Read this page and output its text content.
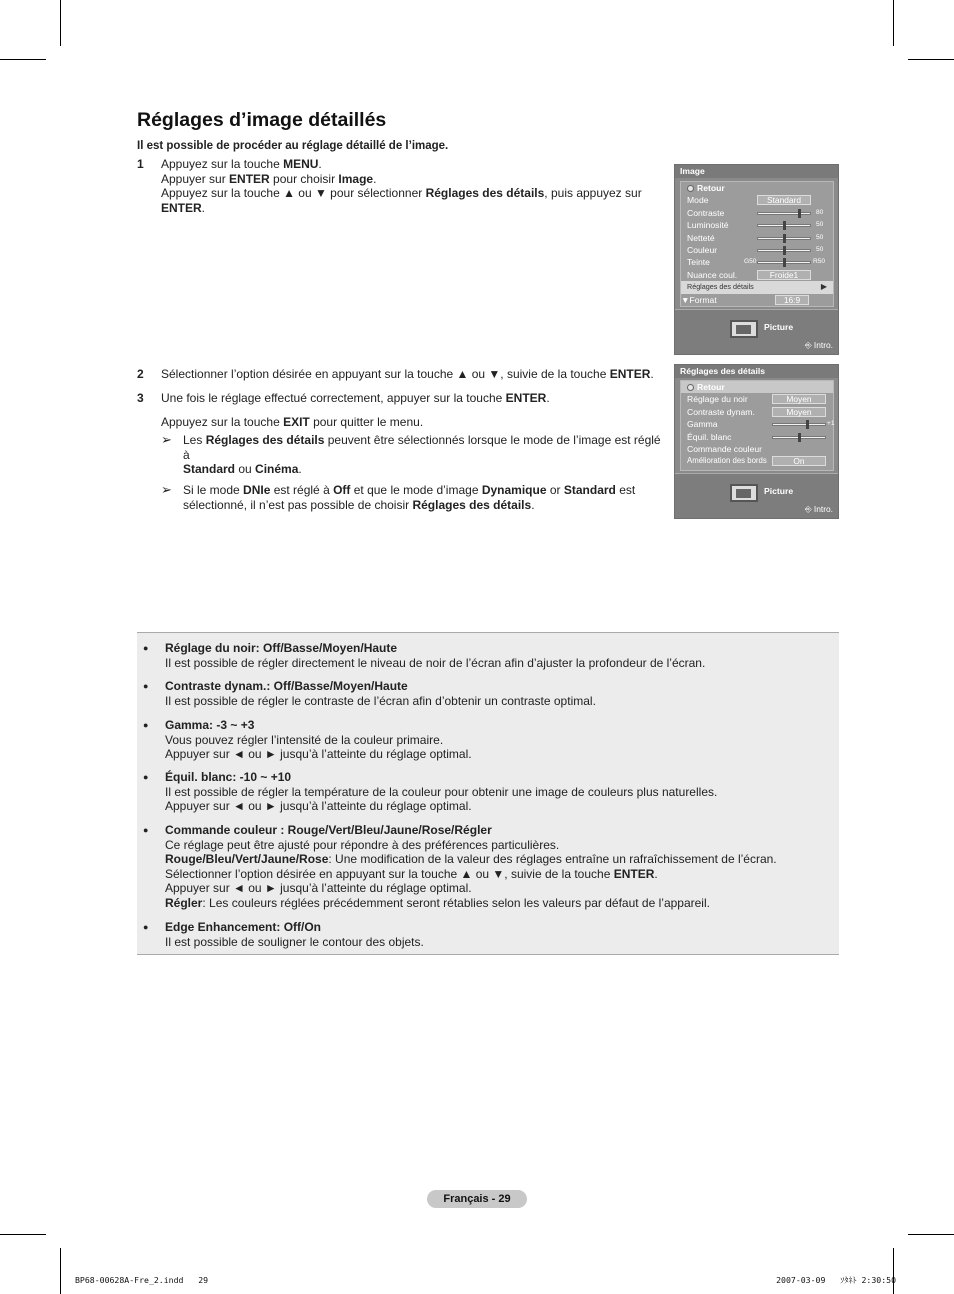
Réglages d’image détaillés
Il est possible de procéder au réglage détaillé de l’image.
1 Appuyez sur la touche MENU.

Appuyer sur ENTER pour choisir Image.

Appuyez sur la touche ▲ ou ▼ pour sélectionner Réglages des détails, puis appuyez sur

ENTER.

2 Sélectionner l’option désirée en appuyant sur la touche ▲ ou ▼, suivie de la touche ENTER.

3 Une fois le réglage effectué correctement, appuyer sur la touche ENTER.

Appuyez sur la touche EXIT pour quitter le menu.

➢ Les Réglages des détails peuvent être sélectionnés lorsque le mode de l’image est réglé à

Standard ou Cinéma.

➢ Si le mode DNIe est réglé à Off et que le mode d’image Dynamique or Standard est

sélectionné, il n’est pas possible de choisir Réglages des détails.

Image
Retour
Mode	Standard
Contraste	80
Luminosité	50
Netteté	50
Couleur	50
Teinte	G50	R50
Nuance coul.	Froide1
Réglages des détails	▶
▼Format	16:9
Picture
⎆ Intro.
Réglages des détails
Retour
Réglage du noir	Moyen
Contraste dynam.	Moyen
Gamma	+1
Équil. blanc
Commande couleur
Amélioration des bords	On
Picture
⎆ Intro.
● Réglage du noir: Off/Basse/Moyen/Haute

Il est possible de régler directement le niveau de noir de l’écran afin d’ajuster la profondeur de l’écran.

● Contraste dynam.: Off/Basse/Moyen/Haute

Il est possible de régler le contraste de l’écran afin d’obtenir un contraste optimal.

● Gamma: -3 ~ +3

Vous pouvez régler l’intensité de la couleur primaire.

Appuyer sur ◄ ou ► jusqu’à l’atteinte du réglage optimal.

● Équil. blanc: -10 ~ +10

Il est possible de régler la température de la couleur pour obtenir une image de couleurs plus naturelles.

Appuyer sur ◄ ou ► jusqu’à l’atteinte du réglage optimal.

● Commande couleur : Rouge/Vert/Bleu/Jaune/Rose/Régler

Ce réglage peut être ajusté pour répondre à des préférences particulières.

Rouge/Bleu/Vert/Jaune/Rose: Une modification de la valeur des réglages entraîne un rafraîchissement de l’écran.

Sélectionner l’option désirée en appuyant sur la touche ▲ ou ▼, suivie de la touche ENTER.

Appuyer sur ◄ ou ► jusqu’à l’atteinte du réglage optimal.

Régler: Les couleurs réglées précédemment seront rétablies selon les valeurs par défaut de l’appareil.

● Edge Enhancement: Off/On

Il est possible de souligner le contour des objets.

Français - 29
BP68-00628A-Fre_2.indd   29	2007-03-09   ｿﾀﾈﾄ 2:30:50
